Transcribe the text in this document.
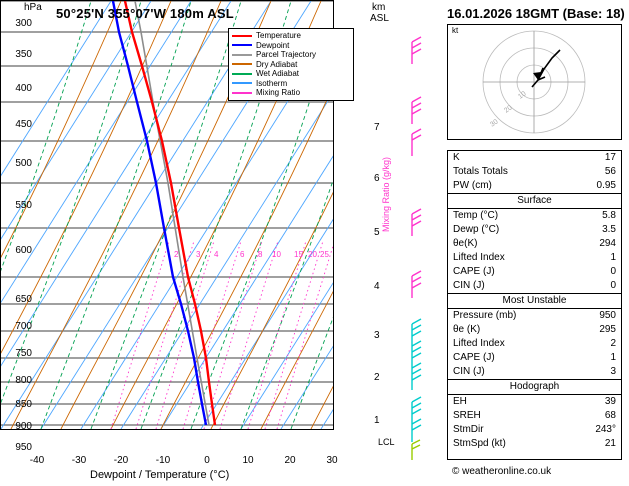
hPa 50°25'N 355°07'W 180m ASL	km
ASL	16.01.2026 18GMT (Base: 18)
2 3 4	6 8 10 15 20 25
Temperature
Dewpoint
Parcel Trajectory
Dry Adiabat
Wet Adiabat
Isotherm
Mixing Ratio
300
350
400
450
500
550
600
650
700
750
800
850
900
950
-40	-30	-20	-10	0	10	20	30
Dewpoint / Temperature (°C)
7
6
5
4
3
2
1
Mixing Ratio (g/kg)
LCL
kt
10
20
30
K	17
Totals Totals	56
PW (cm)	0.95
Surface
Temp (°C)	5.8
Dewp (°C)	3.5
θe(K)	294
Lifted Index	1
CAPE (J)	0
CIN (J)	0
Most Unstable
Pressure (mb)	950
θe (K)	295
Lifted Index	2
CAPE (J)	1
CIN (J)	3
Hodograph
EH	39
SREH	68
StmDir	243°
StmSpd (kt)	21
© weatheronline.co.uk
